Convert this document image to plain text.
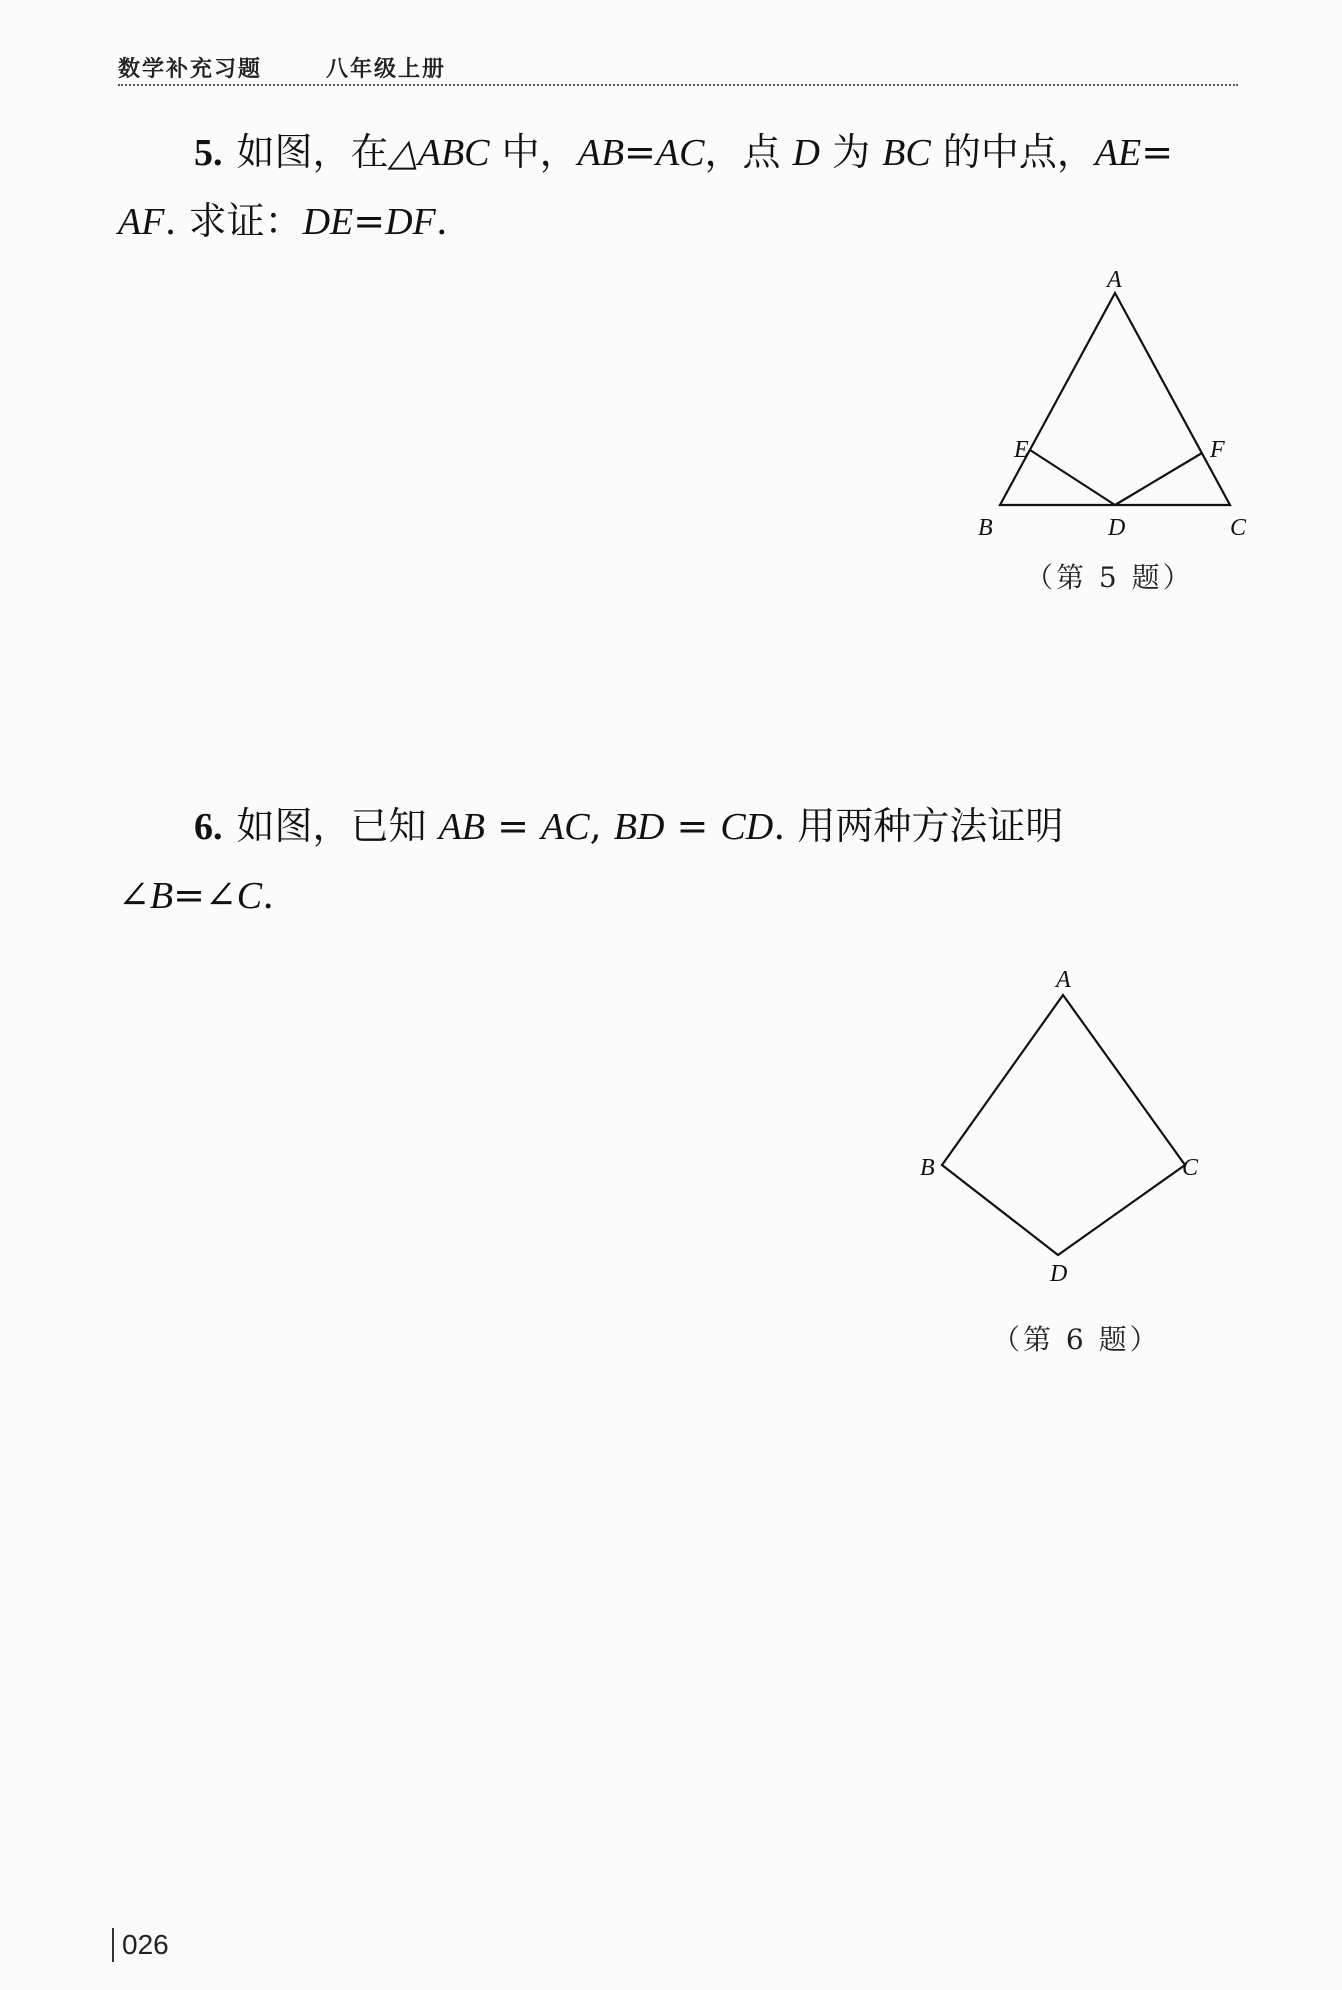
数学补充习题	八年级上册
5. 如图，在△ABC 中，AB=AC，点 D 为 BC 的中点，AE=
AF. 求证：DE=DF.
A
E	F
B	D	C
（第 5 题）
6. 如图，已知 AB = AC, BD = CD. 用两种方法证明
∠B=∠C.
A
B	C
D
（第 6 题）
026
